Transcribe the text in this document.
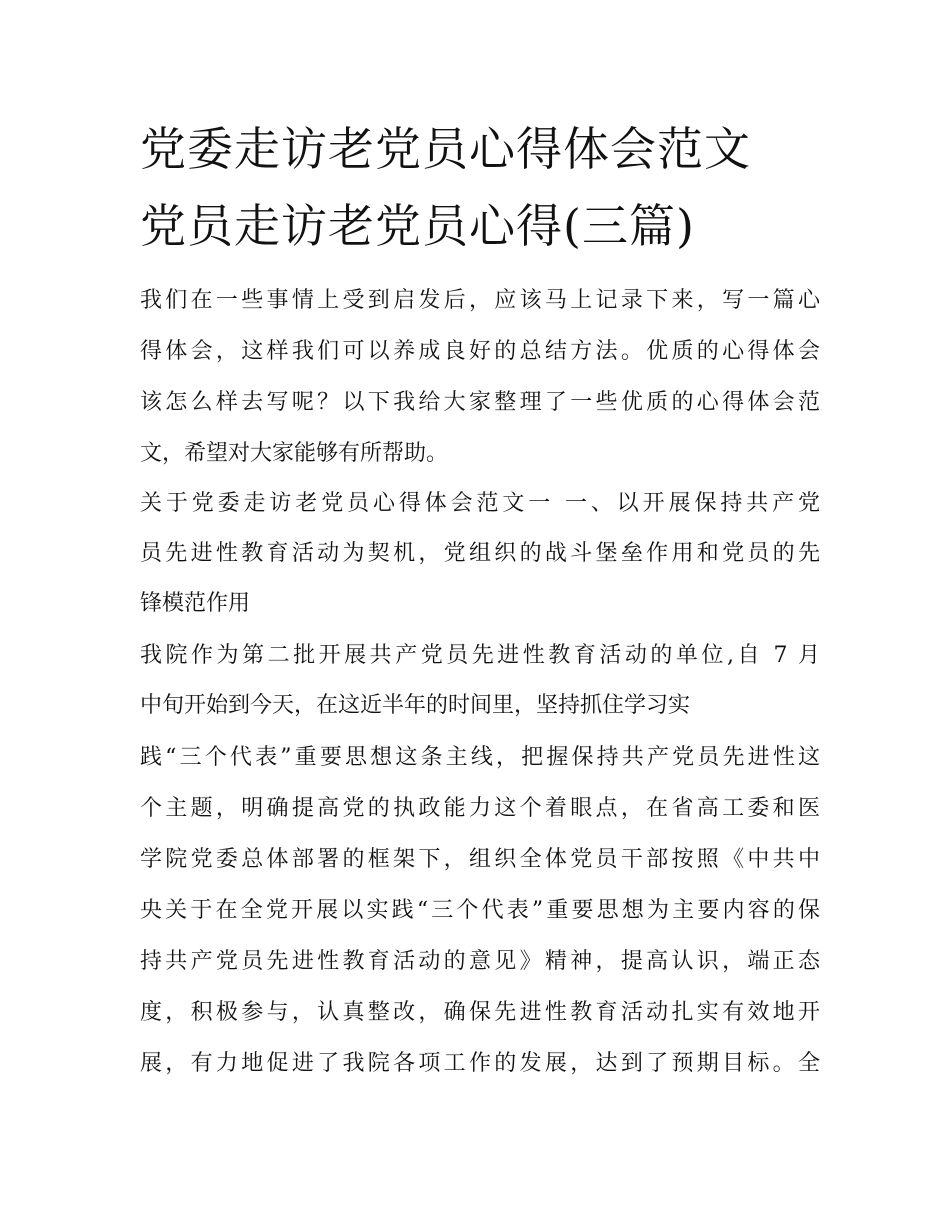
党委走访老党员心得体会范文
党员走访老党员心得(三篇)
我们在一些事情上受到启发后，应该马上记录下来，写一篇心
得体会，这样我们可以养成良好的总结方法。优质的心得体会
该怎么样去写呢？以下我给大家整理了一些优质的心得体会范
文，希望对大家能够有所帮助。
关于党委走访老党员心得体会范文一 一、以开展保持共产党
员先进性教育活动为契机，党组织的战斗堡垒作用和党员的先
锋模范作用
我院作为第二批开展共产党员先进性教育活动的单位,自 7 月
中旬开始到今天，在这近半年的时间里，坚持抓住学习实
践“三个代表”重要思想这条主线，把握保持共产党员先进性这
个主题，明确提高党的执政能力这个着眼点，在省高工委和医
学院党委总体部署的框架下，组织全体党员干部按照《中共中
央关于在全党开展以实践“三个代表”重要思想为主要内容的保
持共产党员先进性教育活动的意见》精神，提高认识，端正态
度，积极参与，认真整改，确保先进性教育活动扎实有效地开
展，有力地促进了我院各项工作的发展，达到了预期目标。全
